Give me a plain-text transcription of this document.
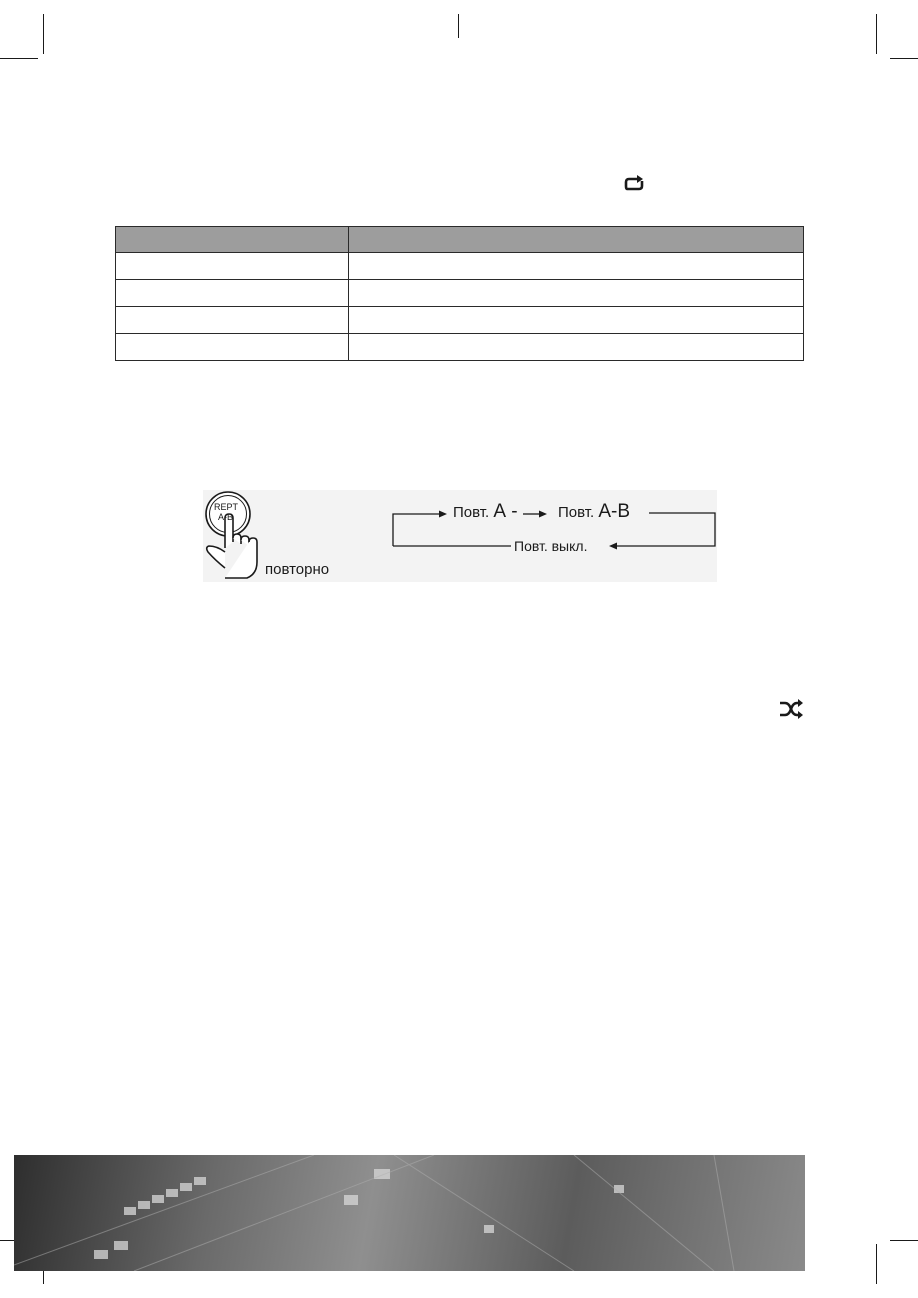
REPT
A-B
повторно
Повт. А -	Повт. А-В
Повт. выкл.
